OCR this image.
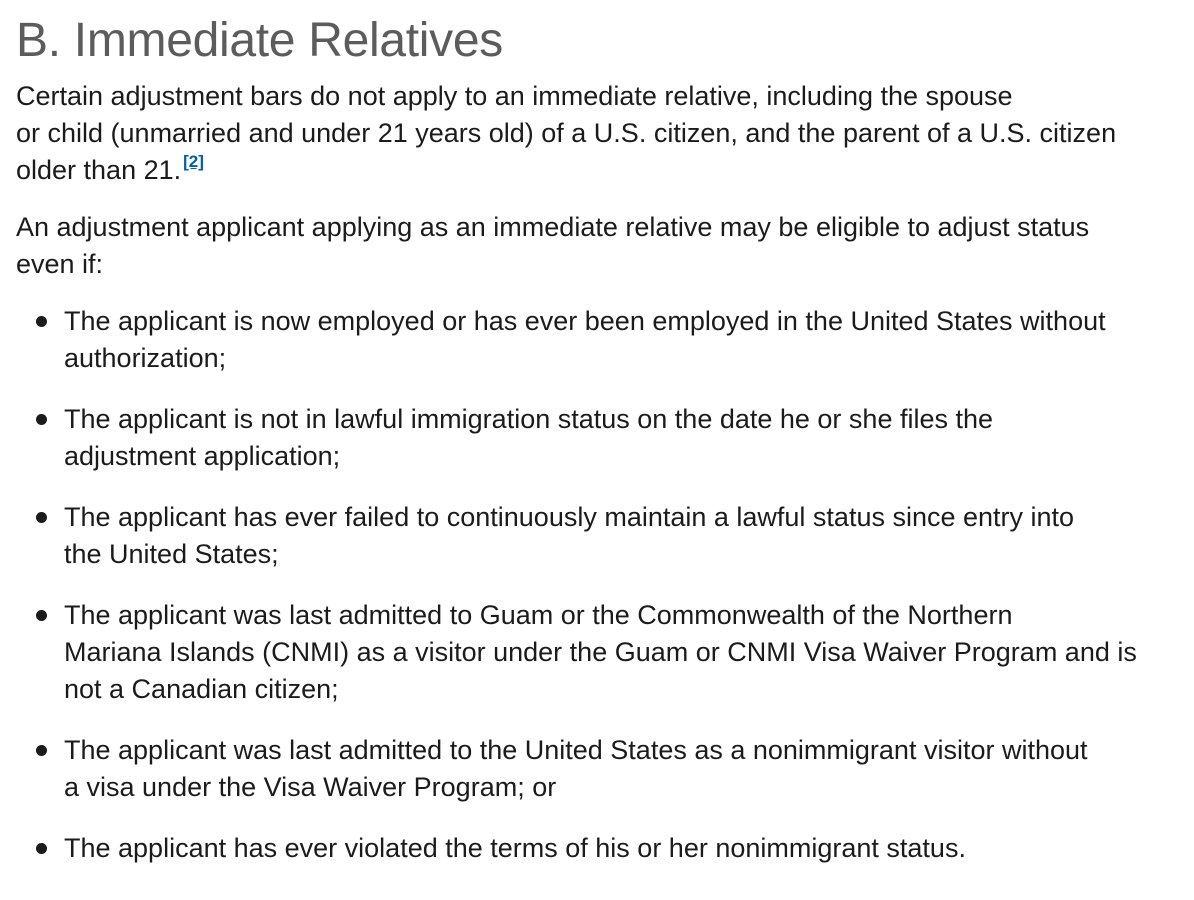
B. Immediate Relatives

Certain adjustment bars do not apply to an immediate relative, including the spouse
or child (unmarried and under 21 years old) of a U.S. citizen, and the parent of a U.S. citizen
older than 21. [2]

An adjustment applicant applying as an immediate relative may be eligible to adjust status
even if:

The applicant is now employed or has ever been employed in the United States without
authorization;
The applicant is not in lawful immigration status on the date he or she files the
adjustment application;
The applicant has ever failed to continuously maintain a lawful status since entry into
the United States;
The applicant was last admitted to Guam or the Commonwealth of the Northern
Mariana Islands (CNMI) as a visitor under the Guam or CNMI Visa Waiver Program and is
not a Canadian citizen;
The applicant was last admitted to the United States as a nonimmigrant visitor without
a visa under the Visa Waiver Program; or
The applicant has ever violated the terms of his or her nonimmigrant status.
